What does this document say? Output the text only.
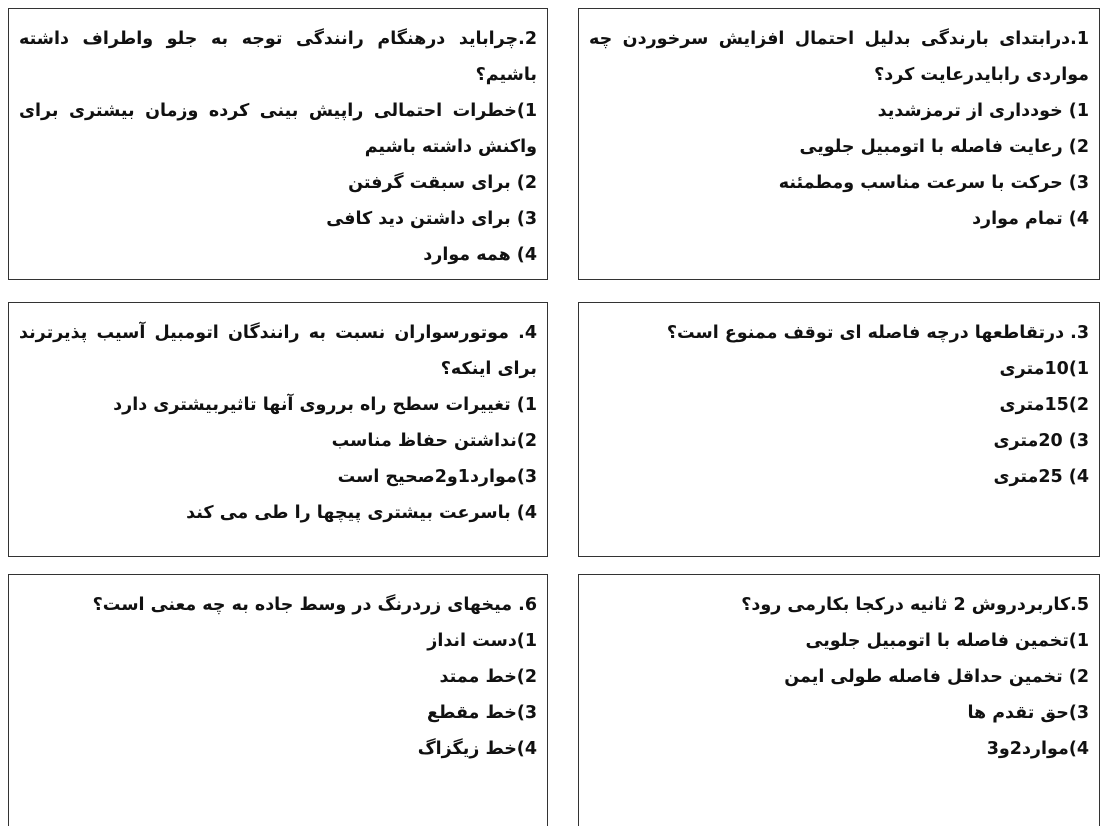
1.درابتدای بارندگی بدلیل احتمال افزایش سرخوردن چه مواردی رابایدرعایت کرد؟

1) خودداری از ترمزشدید

2) رعایت فاصله با اتومبیل جلویی

3) حرکت با سرعت مناسب ومطمئنه

4) تمام موارد

2.چرابايد درهنگام رانندگی توجه به جلو واطراف داشته باشيم؟

1)خطرات احتمالی راپیش بینی کرده وزمان بیشتری برای واکنش داشته باشیم

2) برای سبقت گرفتن

3) برای داشتن دید کافی

4) همه موارد

3. درتقاطعها درچه فاصله ای توقف ممنوع است؟

1)10متری

2)15متری

3) 20متری

4) 25متری

4. موتورسواران نسبت به رانندگان اتومبیل آسیب پذیرترند برای اینکه؟

1) تغییرات سطح راه برروی آنها تاثیربیشتری دارد

2)نداشتن حفاظ مناسب

3)موارد1و2صحیح است

4) باسرعت بیشتری پیچها را طی می کند

5.کاربردروش 2 ثانیه درکجا بکارمی رود؟

1)تخمین فاصله با اتومبیل جلویی

2) تخمین حداقل فاصله طولی ایمن

3)حق تقدم ها

4)موارد2و3

6. ميخهای زردرنگ در وسط جاده به چه معنی است؟

1)دست انداز

2)خط ممتد

3)خط مقطع

4)خط زیگزاگ
